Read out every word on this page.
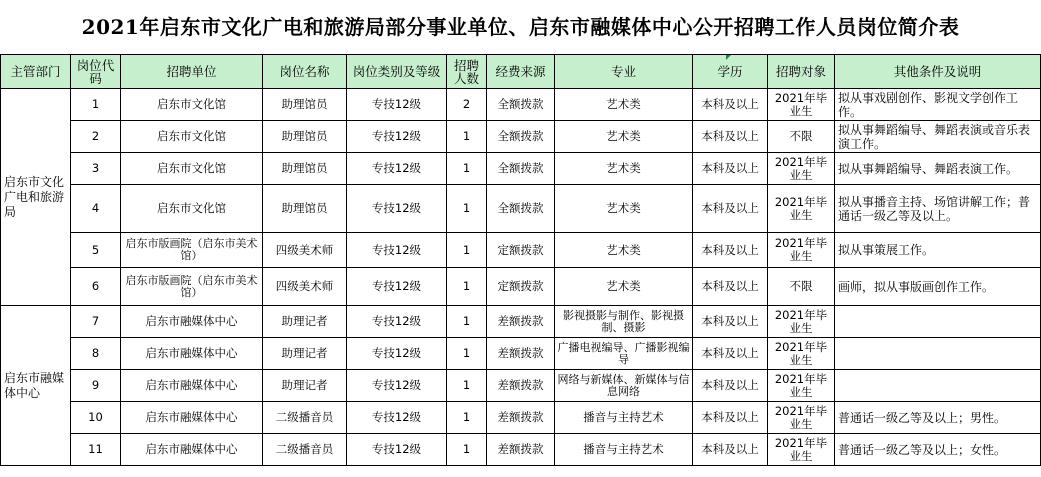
2021年启东市文化广电和旅游局部分事业单位、启东市融媒体中心公开招聘工作人员岗位简介表
主管部门	岗位代码	招聘单位	岗位名称	岗位类别及等级	招聘人数	经费来源	专业	学历	招聘对象	其他条件及说明
启东市文化广电和旅游局	1	启东市文化馆	助理馆员	专技12级	2	全额拨款	艺术类	本科及以上	2021年毕业生	拟从事戏剧创作、影视文学创作工作。
	2	启东市文化馆	助理馆员	专技12级	1	全额拨款	艺术类	本科及以上	不限	拟从事舞蹈编导、舞蹈表演或音乐表演工作。
	3	启东市文化馆	助理馆员	专技12级	1	全额拨款	艺术类	本科及以上	2021年毕业生	拟从事舞蹈编导、舞蹈表演工作。
	4	启东市文化馆	助理馆员	专技12级	1	全额拨款	艺术类	本科及以上	2021年毕业生	拟从事播音主持、场馆讲解工作；普通话一级乙等及以上。
	5	启东市版画院（启东市美术馆）	四级美术师	专技12级	1	定额拨款	艺术类	本科及以上	2021年毕业生	拟从事策展工作。
	6	启东市版画院（启东市美术馆）	四级美术师	专技12级	1	定额拨款	艺术类	本科及以上	不限	画师，拟从事版画创作工作。
启东市融媒体中心	7	启东市融媒体中心	助理记者	专技12级	1	差额拨款	影视摄影与制作、影视摄制、摄影	本科及以上	2021年毕业生	
	8	启东市融媒体中心	助理记者	专技12级	1	差额拨款	广播电视编导、广播影视编导	本科及以上	2021年毕业生	
	9	启东市融媒体中心	助理记者	专技12级	1	差额拨款	网络与新媒体、新媒体与信息网络	本科及以上	2021年毕业生	
	10	启东市融媒体中心	二级播音员	专技12级	1	差额拨款	播音与主持艺术	本科及以上	2021年毕业生	普通话一级乙等及以上；男性。
	11	启东市融媒体中心	二级播音员	专技12级	1	差额拨款	播音与主持艺术	本科及以上	2021年毕业生	普通话一级乙等及以上；女性。
